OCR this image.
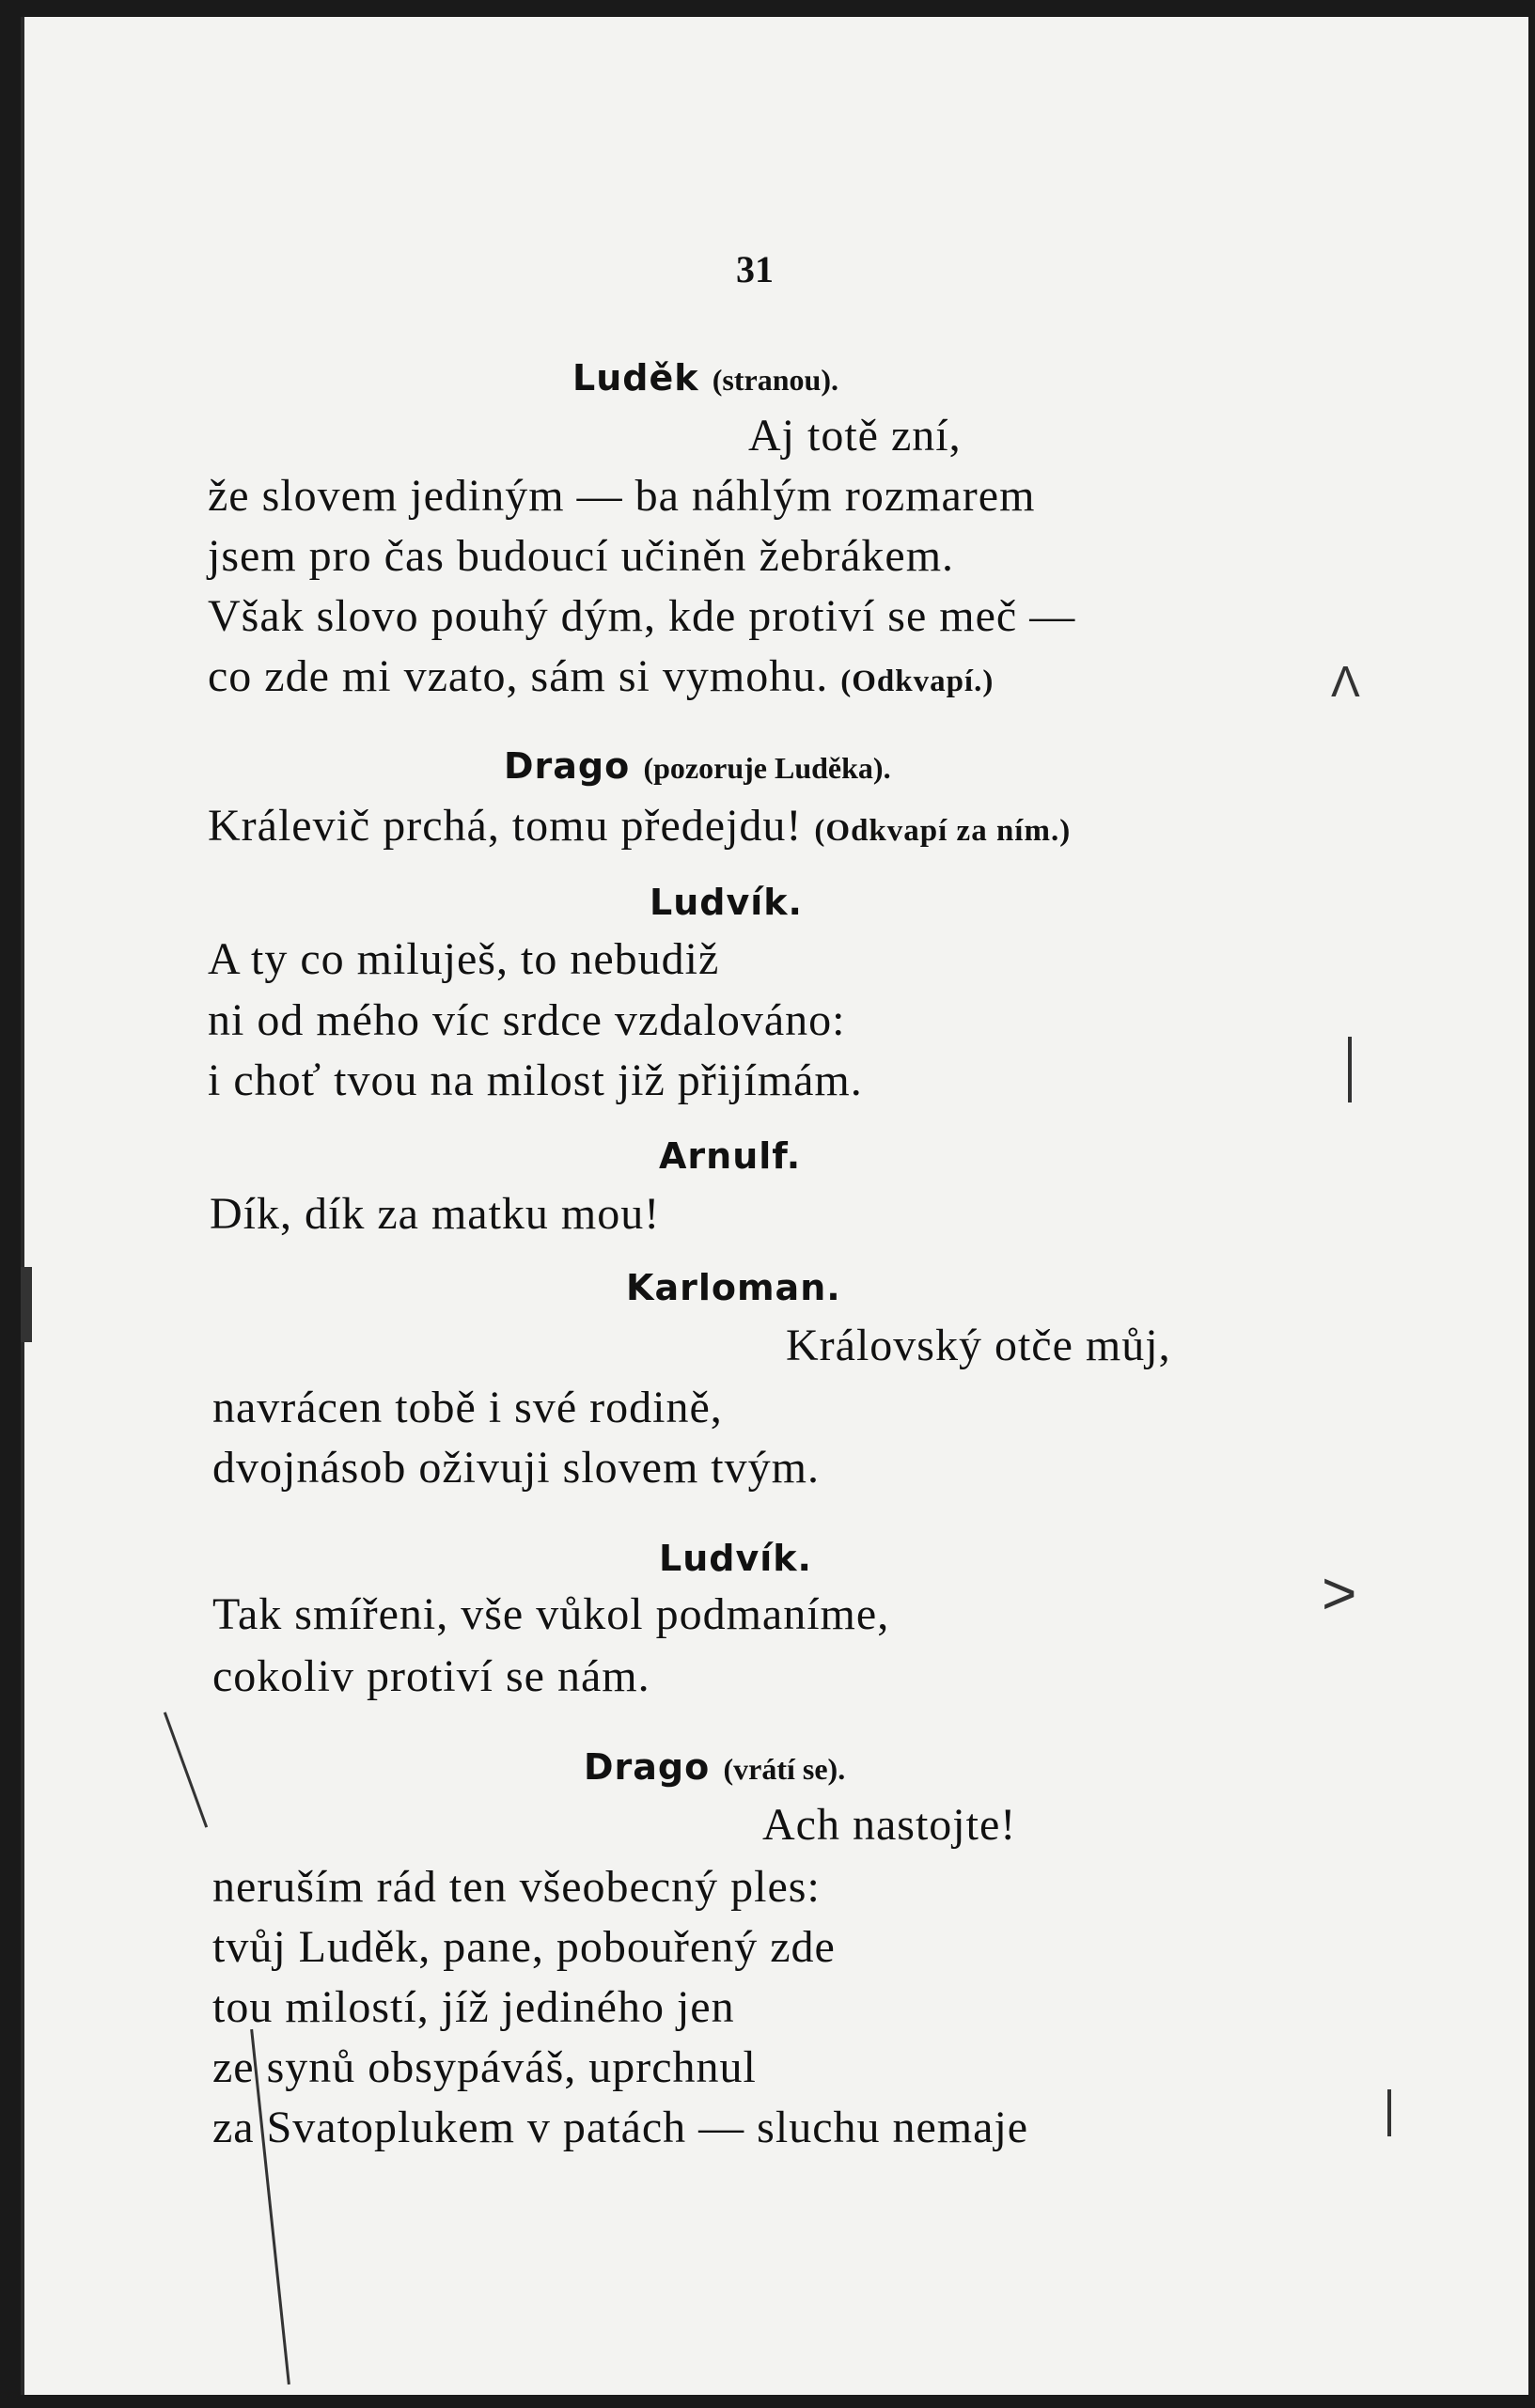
31
Luděk (stranou).
Aj totě zní,
že slovem jediným — ba náhlým rozmarem
jsem pro čas budoucí učiněn žebrákem.
Však slovo pouhý dým, kde protiví se meč —
co zde mi vzato, sám si vymohu. (Odkvapí.)
Drago (pozoruje Luděka).
Králevič prchá, tomu předejdu! (Odkvapí za ním.)
Ludvík.
A ty co miluješ, to nebudiž
ni od mého víc srdce vzdalováno:
i choť tvou na milost již přijímám.
Arnulf.
Dík, dík za matku mou!
Karloman.
Královský otče můj,
navrácen tobě i své rodině,
dvojnásob oživuji slovem tvým.
Ludvík.
Tak smířeni, vše vůkol podmaníme,
cokoliv protiví se nám.
Drago (vrátí se).
Ach nastojte!
neruším rád ten všeobecný ples:
tvůj Luděk, pane, pobouřený zde
tou milostí, jíž jediného jen
ze synů obsypáváš, uprchnul
za Svatoplukem v patách — sluchu nemaje
Λ
>
